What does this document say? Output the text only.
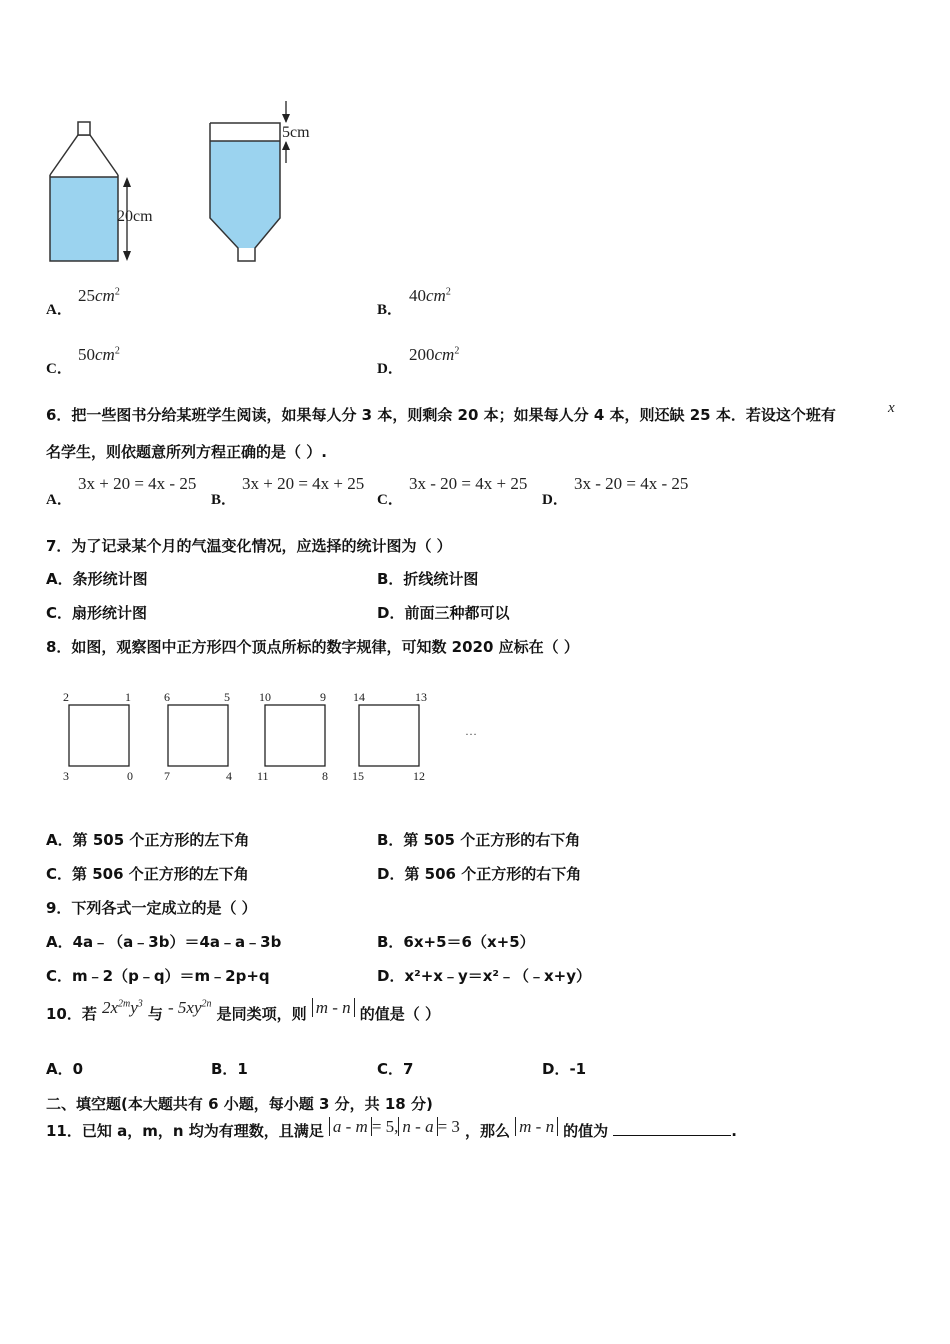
20cm
5cm
A．
$25cm^2$
B．
$40cm^2$
C．
$50cm^2$
D．
$200cm^2$
6．把一些图书分给某班学生阅读，如果每人分 3 本，则剩余 20 本；如果每人分 4 本，则还缺 25 本．若设这个班有	x
名学生，则依题意所列方程正确的是（ ）.
A．
3x + 20 = 4x - 25
B．
3x + 20 = 4x + 25
C．
3x - 20 = 4x + 25
D．
3x - 20 = 4x - 25
7．为了记录某个月的气温变化情况，应选择的统计图为（ ）
A．条形统计图	B．折线统计图
C．扇形统计图	D．前面三种都可以
8．如图，观察图中正方形四个顶点所标的数字规律，可知数 2020 应标在（ ）
2	1
3	0
6	5
7	4
10	9
11	8
14	13
15	12
…
A．第 505 个正方形的左下角	B．第 505 个正方形的右下角
C．第 506 个正方形的左下角	D．第 506 个正方形的右下角
9．下列各式一定成立的是（ ）
A．4a﹣（a﹣3b）＝4a﹣a﹣3b	B．6x+5＝6（x+5）
C．m﹣2（p﹣q）＝m﹣2p+q	D．x²+x﹣y＝x²﹣（﹣x+y）
10．若 $2x^{2m}y^3$ 与 - $5xy^{2n}$ 是同类项，则 m - n 的值是（ ）
A．0	B．1	C．7	D．-1
二、填空题(本大题共有 6 小题，每小题 3 分，共 18 分)
11．已知 a，m，n 均为有理数，且满足 a - m = 5, n - a = 3 ，那么 m - n 的值为	.
